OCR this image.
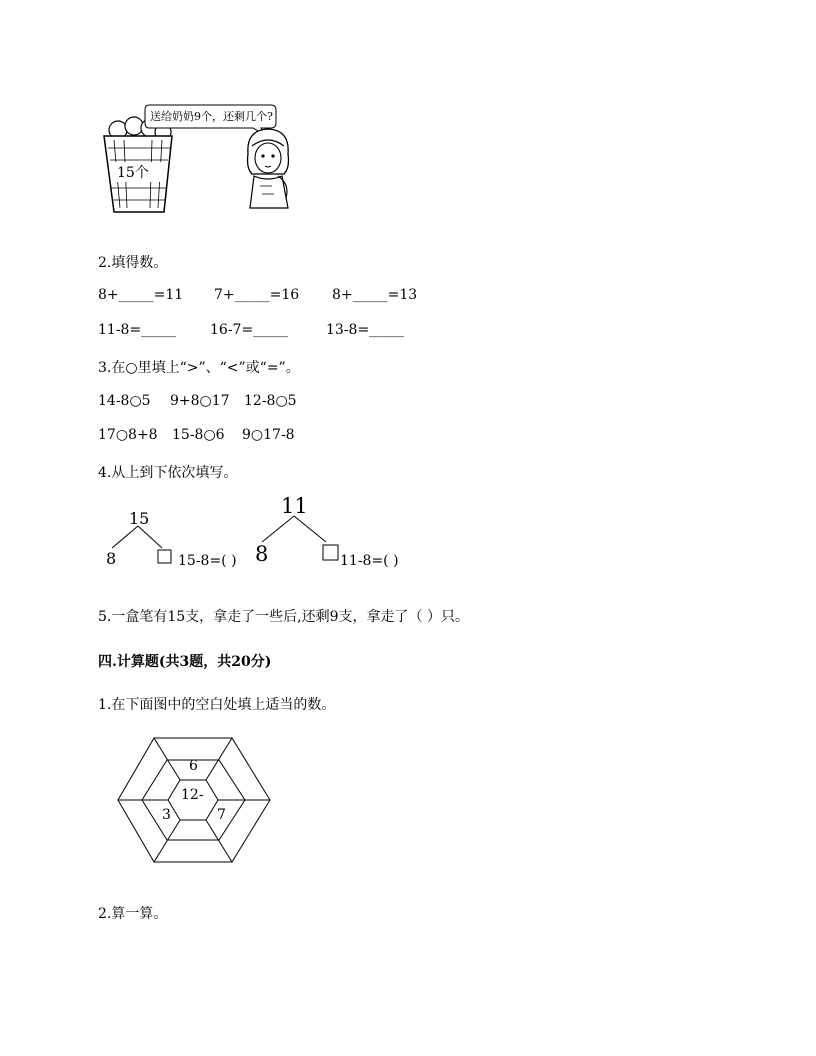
15个
送给奶奶9个，还剩几个?
2.填得数。
8+_____=11 7+_____=16 8+_____=13
11-8=_____ 16-7=_____	13-8=_____
3.在○里填上“>”、“<”或“=”。
14-8○5 9+8○17 12-8○5
17○8+8 15-8○6 9○17-8
4.从上到下依次填写。
15
8	15-8=( )
11
8	11-8=( )
5.一盒笔有15支，拿走了一些后,还剩9支，拿走了（ ）只。
四.计算题(共3题，共20分)
1.在下面图中的空白处填上适当的数。
6
12-
3	7
2.算一算。
